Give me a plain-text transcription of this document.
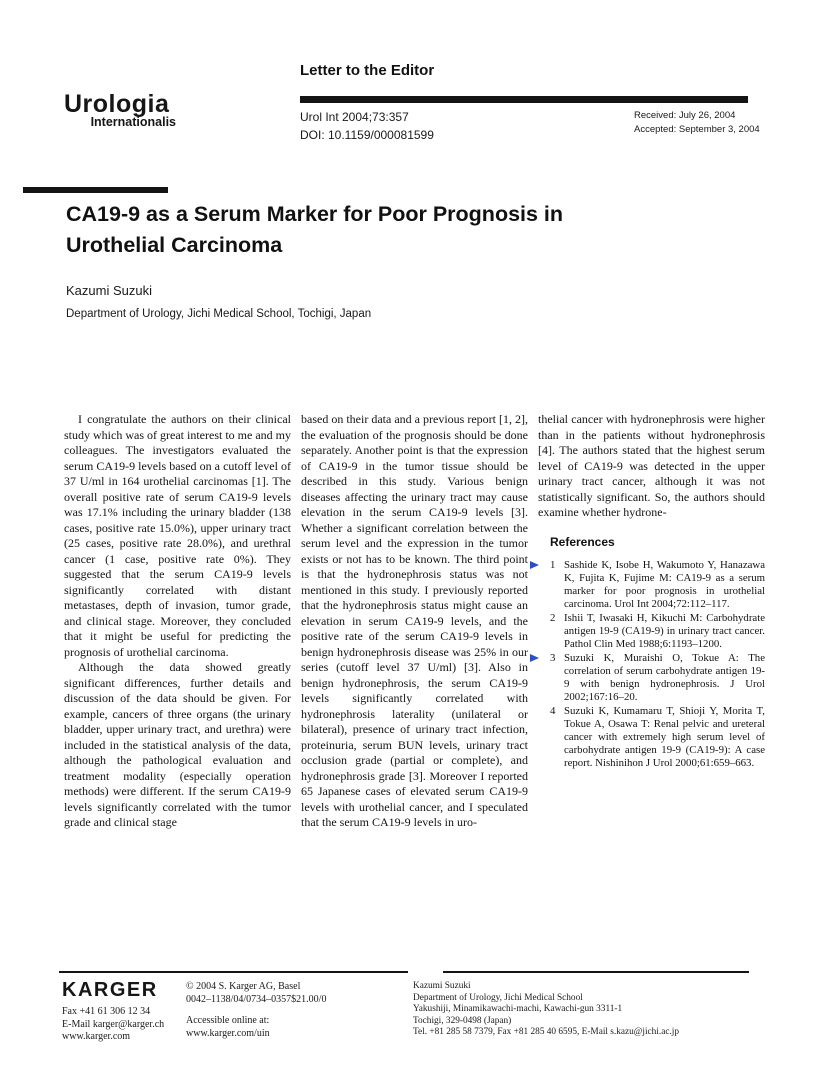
Letter to the Editor
Urologia
Internationalis	Urol Int 2004;73:357
DOI: 10.1159/000081599
Received: July 26, 2004
Accepted: September 3, 2004
CA19-9 as a Serum Marker for Poor Prognosis in
Urothelial Carcinoma
Kazumi Suzuki
Department of Urology, Jichi Medical School, Tochigi, Japan

I congratulate the authors on their clinical study which was of great interest to me and my colleagues. The investigators evaluated the serum CA19-9 levels based on a cutoff level of 37 U/ml in 164 urothelial carcinomas [1]. The overall positive rate of serum CA19-9 levels was 17.1% including the urinary bladder (138 cases, positive rate 15.0%), upper urinary tract (25 cases, positive rate 28.0%), and urethral cancer (1 case, positive rate 0%). They suggested that the serum CA19-9 levels significantly correlated with distant metastases, depth of invasion, tumor grade, and clinical stage. Moreover, they concluded that it might be useful for predicting the prognosis of urothelial carcinoma.

Although the data showed greatly significant differences, further details and discussion of the data should be given. For example, cancers of three organs (the urinary bladder, upper urinary tract, and urethra) were included in the statistical analysis of the data, although the pathological evaluation and treatment modality (especially operation methods) were different. If the serum CA19-9 levels significantly correlated with the tumor grade and clinical stage

based on their data and a previous report [1, 2], the evaluation of the prognosis should be done separately. Another point is that the expression of CA19-9 in the tumor tissue should be described in this study. Various benign diseases affecting the urinary tract may cause elevation in the serum CA19-9 levels [3]. Whether a significant correlation between the serum level and the expression in the tumor exists or not has to be known. The third point is that the hydronephrosis status was not mentioned in this study. I previously reported that the hydronephrosis status might cause an elevation in serum CA19-9 levels, and the positive rate of the serum CA19-9 levels in benign hydronephrosis disease was 25% in our series (cutoff level 37 U/ml) [3]. Also in benign hydronephrosis, the serum CA19-9 levels significantly correlated with hydronephrosis laterality (unilateral or bilateral), presence of urinary tract infection, proteinuria, serum BUN levels, urinary tract occlusion grade (partial or complete), and hydronephrosis grade [3]. Moreover I reported 65 Japanese cases of elevated serum CA19-9 levels with urothelial cancer, and I speculated that the serum CA19-9 levels in uro-

thelial cancer with hydronephrosis were higher than in the patients without hydronephrosis [4]. The authors stated that the highest serum level of CA19-9 was detected in the upper urinary tract cancer, although it was not statistically significant. So, the authors should examine whether hydrone-

References
1 Sashide K, Isobe H, Wakumoto Y, Hanazawa K, Fujita K, Fujime M: CA19-9 as a serum marker for poor prognosis in urothelial carcinoma. Urol Int 2004;72:112–117.
2 Ishii T, Iwasaki H, Kikuchi M: Carbohydrate antigen 19-9 (CA19-9) in urinary tract cancer. Pathol Clin Med 1988;6:1193–1200.
3 Suzuki K, Muraishi O, Tokue A: The correlation of serum carbohydrate antigen 19-9 with benign hydronephrosis. J Urol 2002;167:16–20.
4 Suzuki K, Kumamaru T, Shioji Y, Morita T, Tokue A, Osawa T: Renal pelvic and ureteral cancer with extremely high serum level of carbohydrate antigen 19-9 (CA19-9): A case report. Nishinihon J Urol 2000;61:659–663.
KARGER
Fax +41 61 306 12 34
E-Mail karger@karger.ch
www.karger.com
© 2004 S. Karger AG, Basel
0042–1138/04/0734–0357$21.00/0
Accessible online at:
www.karger.com/uin
Kazumi Suzuki
Department of Urology, Jichi Medical School
Yakushiji, Minamikawachi-machi, Kawachi-gun 3311-1
Tochigi, 329-0498 (Japan)
Tel. +81 285 58 7379, Fax +81 285 40 6595, E-Mail s.kazu@jichi.ac.jp
